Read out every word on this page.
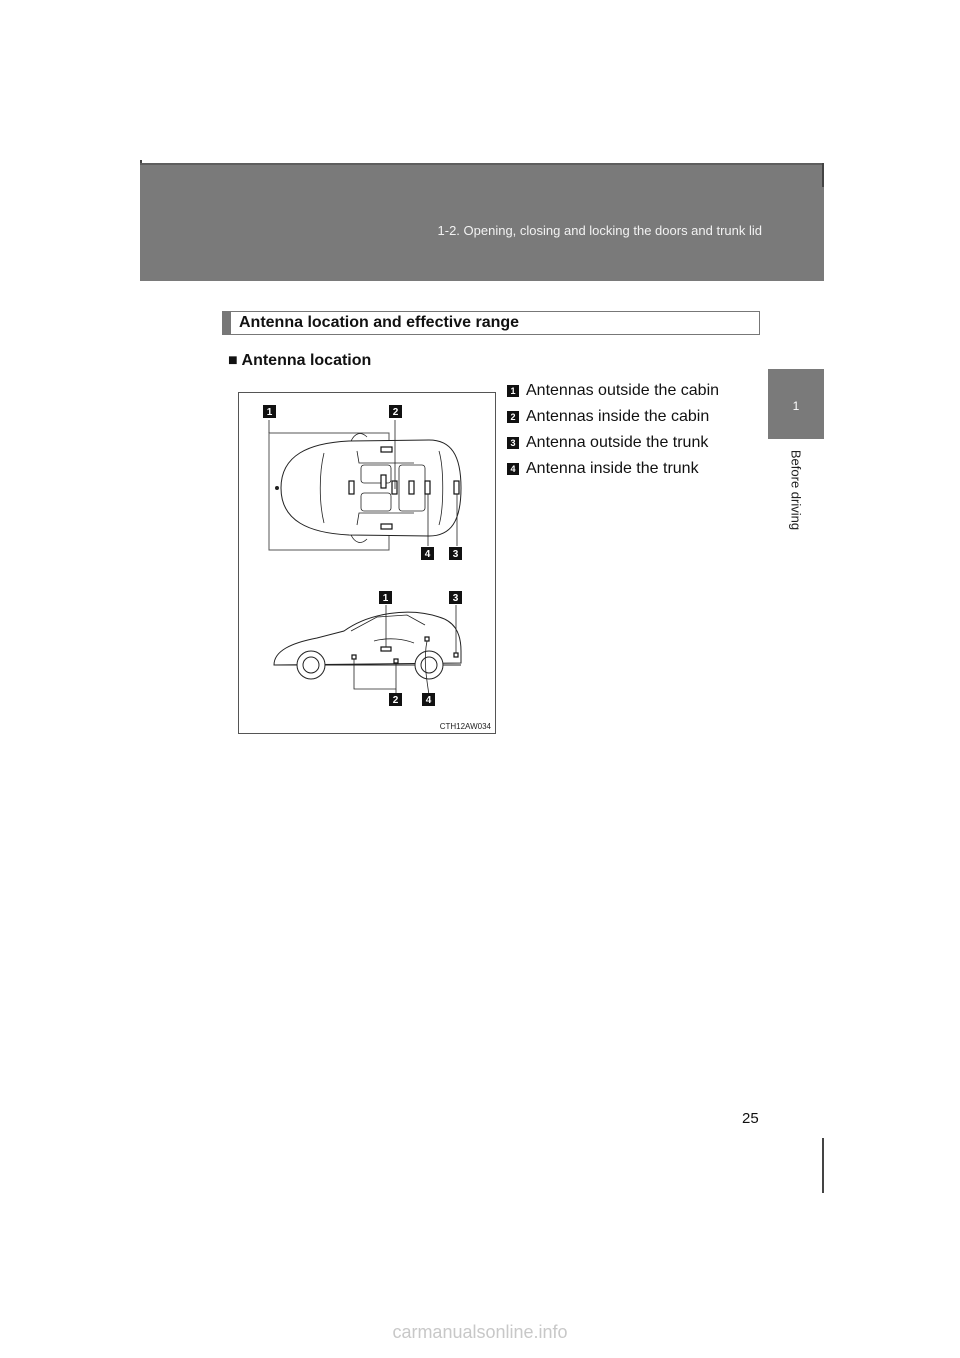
1-2. Opening, closing and locking the doors and trunk lid
1
Before driving
Antenna location and effective range
■ Antenna location
1 Antennas outside the cabin
2 Antennas inside the cabin
3 Antenna outside the trunk
4 Antenna inside the trunk
1	2
4 3
1	3
2	4
CTH12AW034
25
carmanualsonline.info
